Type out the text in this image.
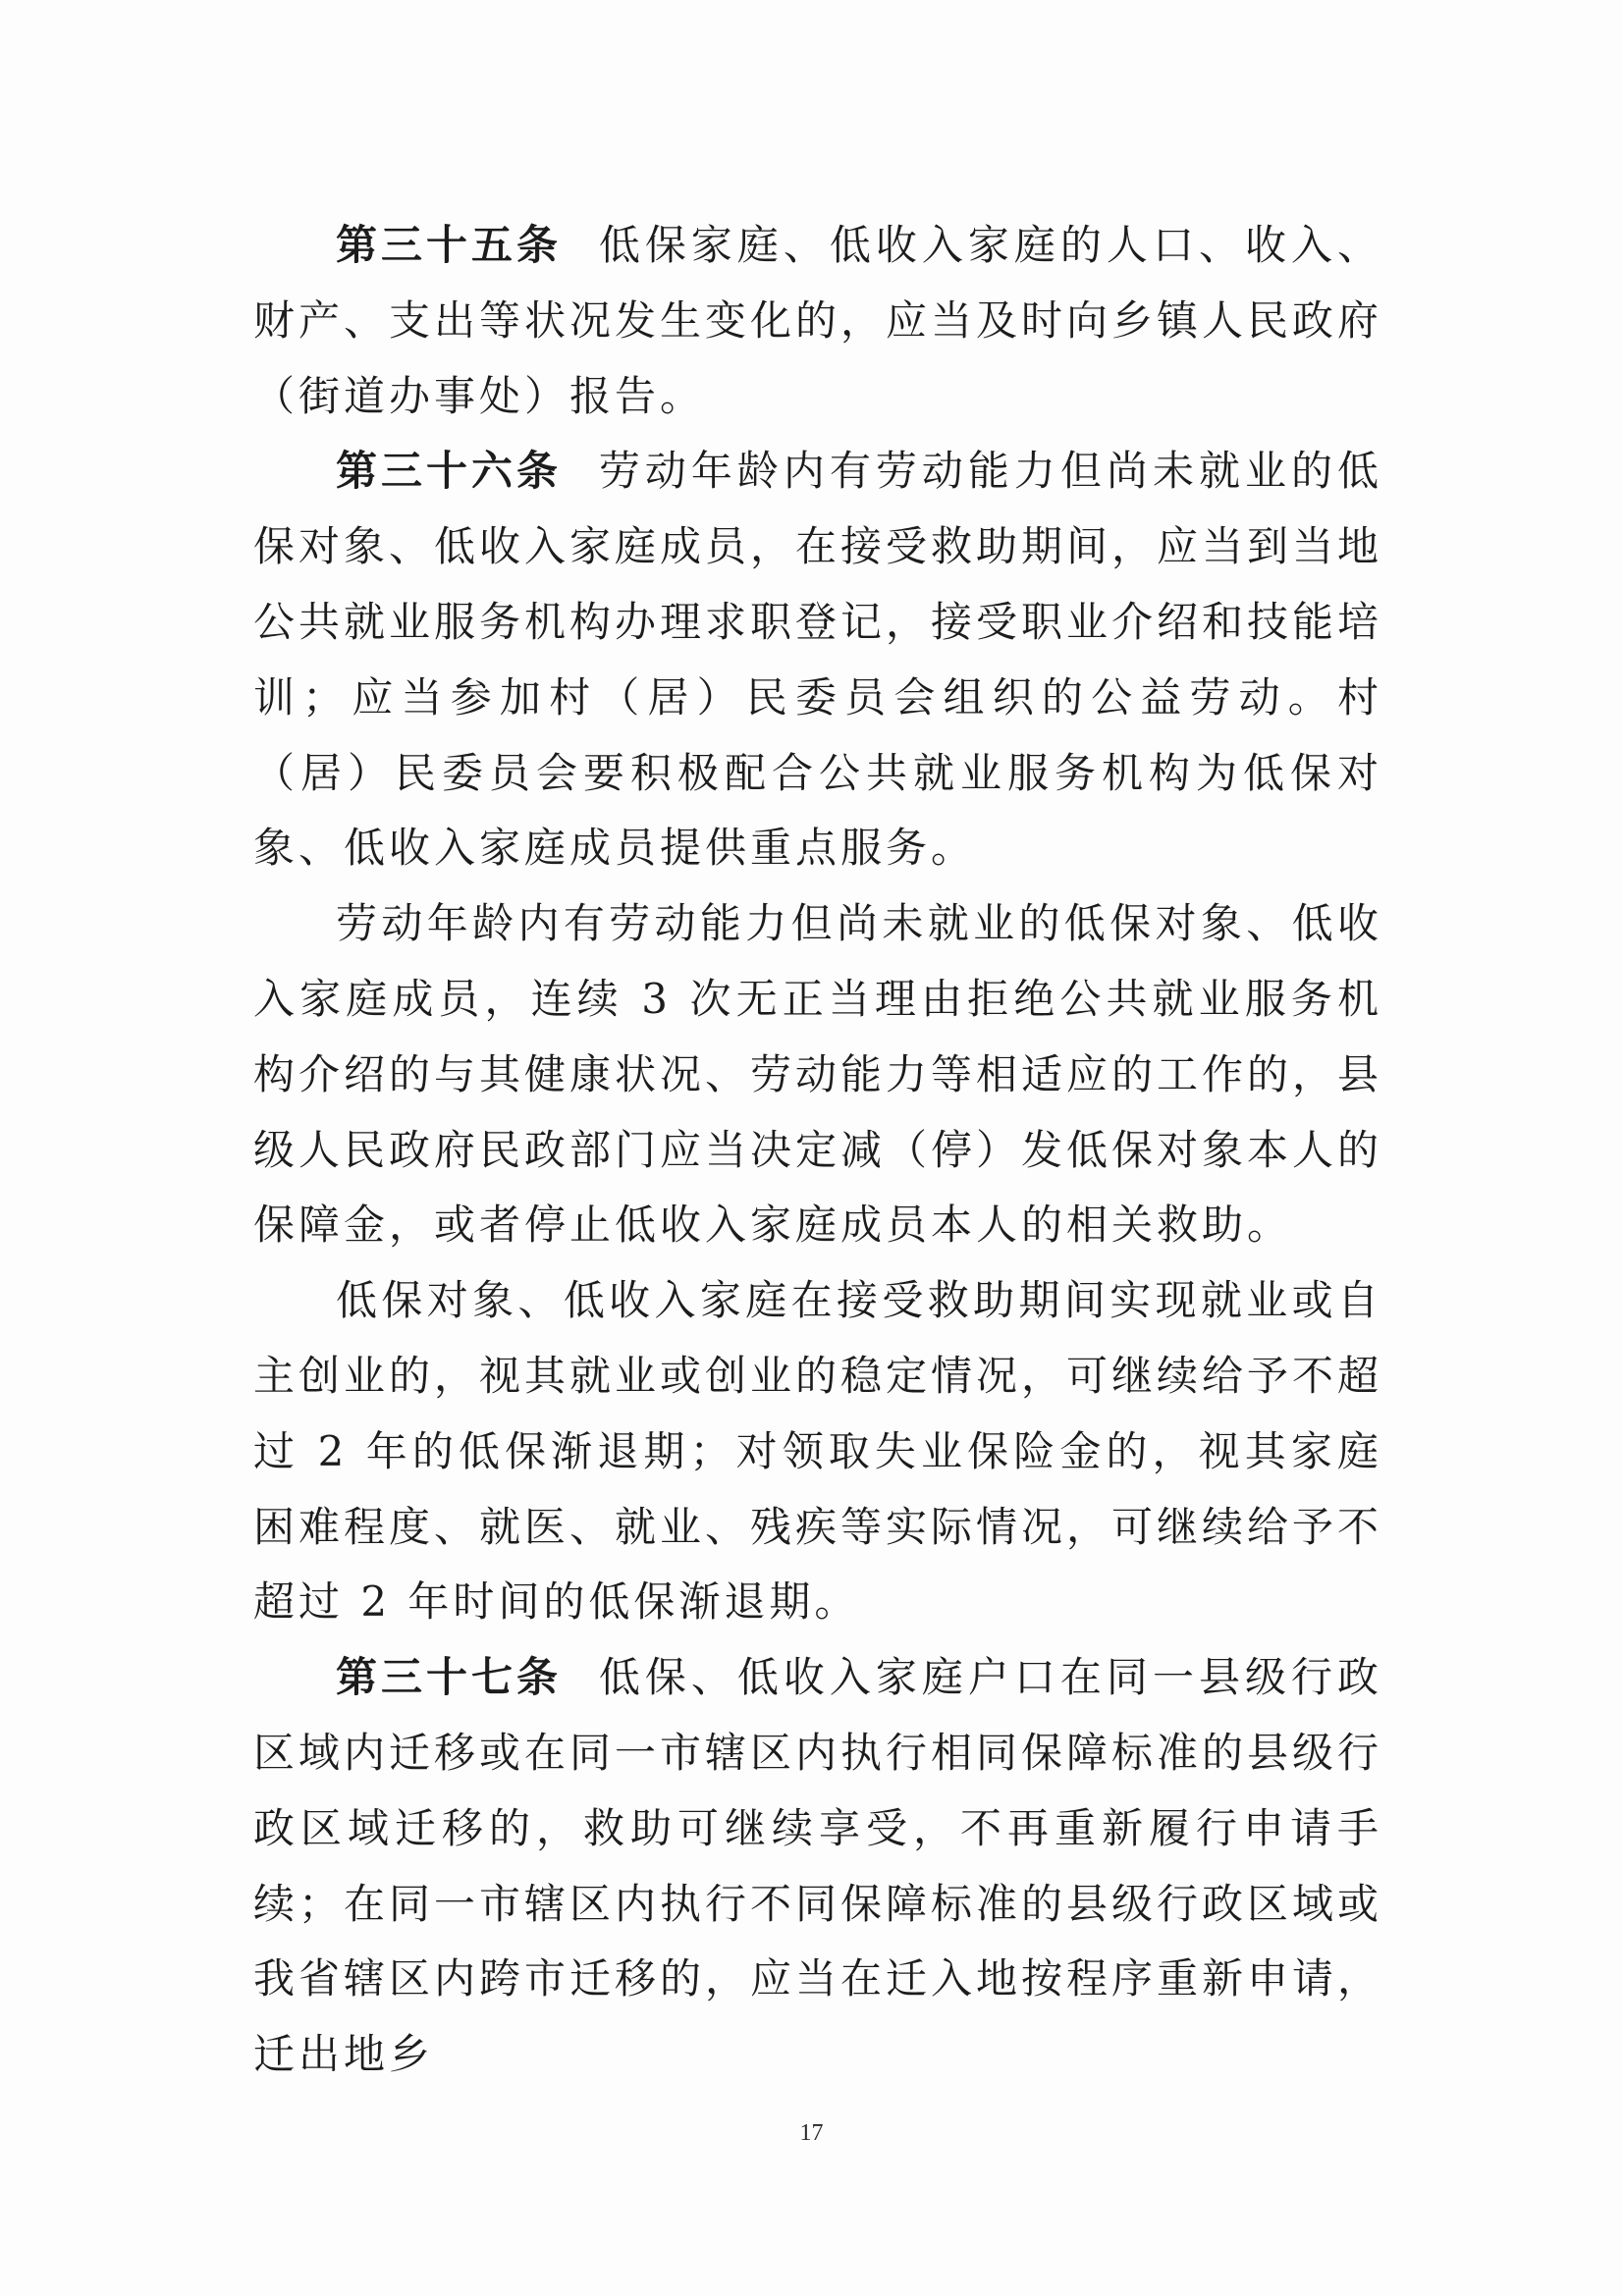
第三十五条 低保家庭、低收入家庭的人口、收入、财产、支出等状况发生变化的，应当及时向乡镇人民政府（街道办事处）报告。

第三十六条 劳动年龄内有劳动能力但尚未就业的低保对象、低收入家庭成员，在接受救助期间，应当到当地公共就业服务机构办理求职登记，接受职业介绍和技能培训；应当参加村（居）民委员会组织的公益劳动。村（居）民委员会要积极配合公共就业服务机构为低保对象、低收入家庭成员提供重点服务。

劳动年龄内有劳动能力但尚未就业的低保对象、低收入家庭成员，连续 3 次无正当理由拒绝公共就业服务机构介绍的与其健康状况、劳动能力等相适应的工作的，县级人民政府民政部门应当决定减（停）发低保对象本人的保障金，或者停止低收入家庭成员本人的相关救助。

低保对象、低收入家庭在接受救助期间实现就业或自主创业的，视其就业或创业的稳定情况，可继续给予不超过 2 年的低保渐退期；对领取失业保险金的，视其家庭困难程度、就医、就业、残疾等实际情况，可继续给予不超过 2 年时间的低保渐退期。

第三十七条 低保、低收入家庭户口在同一县级行政区域内迁移或在同一市辖区内执行相同保障标准的县级行政区域迁移的，救助可继续享受，不再重新履行申请手续；在同一市辖区内执行不同保障标准的县级行政区域或我省辖区内跨市迁移的，应当在迁入地按程序重新申请，迁出地乡

17
